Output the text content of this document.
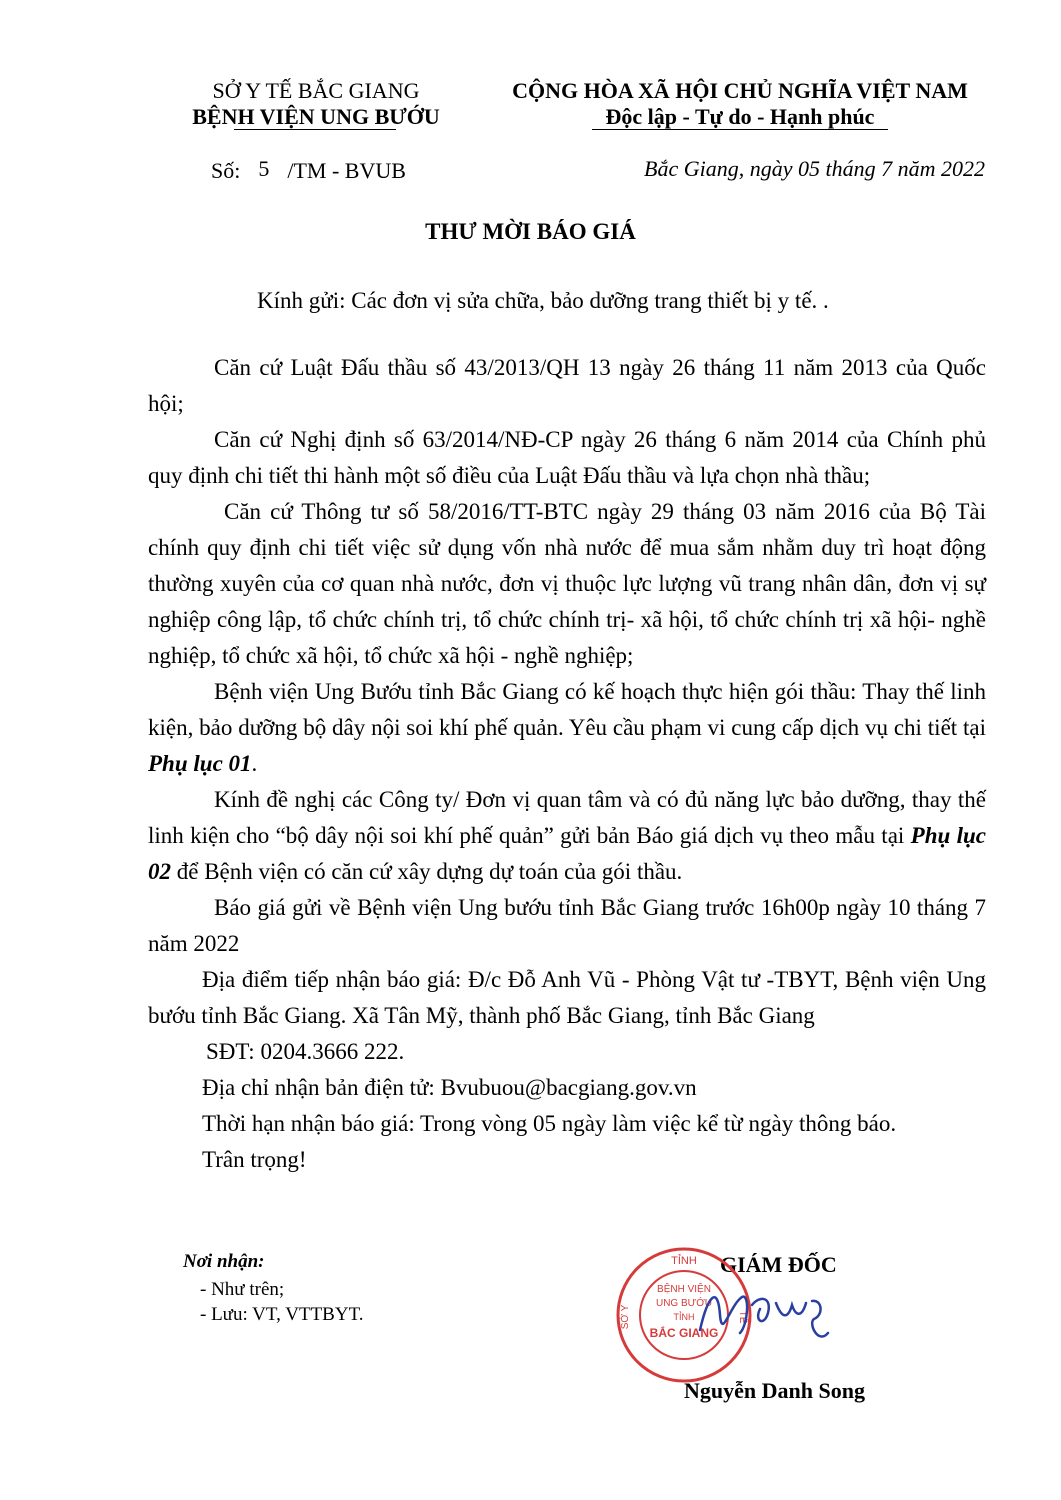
SỞ Y TẾ BẮC GIANG
BỆNH VIỆN UNG BƯỚU
Số: 5 /TM - BVUB
CỘNG HÒA XÃ HỘI CHỦ NGHĨA VIỆT NAM
Độc lập - Tự do - Hạnh phúc
Bắc Giang, ngày 05 tháng 7 năm 2022
THƯ MỜI BÁO GIÁ
Kính gửi: Các đơn vị sửa chữa, bảo dưỡng trang thiết bị y tế. .

Căn cứ Luật Đấu thầu số 43/2013/QH 13 ngày 26 tháng 11 năm 2013 của Quốc hội;

Căn cứ Nghị định số 63/2014/NĐ-CP ngày 26 tháng 6 năm 2014 của Chính phủ quy định chi tiết thi hành một số điều của Luật Đấu thầu và lựa chọn nhà thầu;

Căn cứ Thông tư số 58/2016/TT-BTC ngày 29 tháng 03 năm 2016 của Bộ Tài chính quy định chi tiết việc sử dụng vốn nhà nước để mua sắm nhằm duy trì hoạt động thường xuyên của cơ quan nhà nước, đơn vị thuộc lực lượng vũ trang nhân dân, đơn vị sự nghiệp công lập, tổ chức chính trị, tổ chức chính trị- xã hội, tổ chức chính trị xã hội- nghề nghiệp, tổ chức xã hội, tổ chức xã hội - nghề nghiệp;

Bệnh viện Ung Bướu tỉnh Bắc Giang có kế hoạch thực hiện gói thầu: Thay thế linh kiện, bảo dưỡng bộ dây nội soi khí phế quản. Yêu cầu phạm vi cung cấp dịch vụ chi tiết tại Phụ lục 01.

Kính đề nghị các Công ty/ Đơn vị quan tâm và có đủ năng lực bảo dưỡng, thay thế linh kiện cho “bộ dây nội soi khí phế quản” gửi bản Báo giá dịch vụ theo mẫu tại Phụ lục 02 để Bệnh viện có căn cứ xây dựng dự toán của gói thầu.

Báo giá gửi về Bệnh viện Ung bướu tỉnh Bắc Giang trước 16h00p ngày 10 tháng 7 năm 2022

Địa điểm tiếp nhận báo giá: Đ/c Đỗ Anh Vũ - Phòng Vật tư -TBYT, Bệnh viện Ung bướu tỉnh Bắc Giang. Xã Tân Mỹ, thành phố Bắc Giang, tỉnh Bắc Giang

SĐT: 0204.3666 222.

Địa chỉ nhận bản điện tử: Bvubuou@bacgiang.gov.vn

Thời hạn nhận báo giá: Trong vòng 05 ngày làm việc kể từ ngày thông báo.

Trân trọng!

Nơi nhận:
- Như trên;
- Lưu: VT, VTTBYT.
GIÁM ĐỐC
TỈNH
SỞ Y	TẾ
BỆNH VIỆN
UNG BƯỚU
TỈNH
BẮC GIANG
Nguyễn Danh Song
